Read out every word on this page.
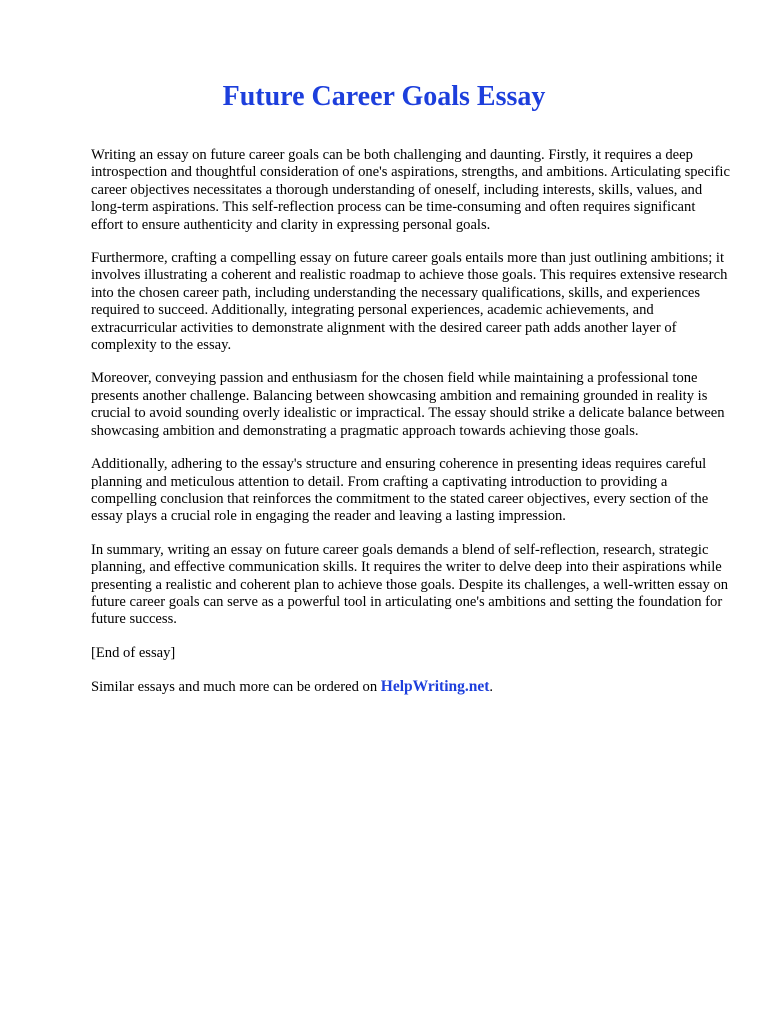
Future Career Goals Essay

Writing an essay on future career goals can be both challenging and daunting. Firstly, it requires a deep introspection and thoughtful consideration of one's aspirations, strengths, and ambitions. Articulating specific career objectives necessitates a thorough understanding of oneself, including interests, skills, values, and long-term aspirations. This self-reflection process can be time-consuming and often requires significant effort to ensure authenticity and clarity in expressing personal goals.

Furthermore, crafting a compelling essay on future career goals entails more than just outlining ambitions; it involves illustrating a coherent and realistic roadmap to achieve those goals. This requires extensive research into the chosen career path, including understanding the necessary qualifications, skills, and experiences required to succeed. Additionally, integrating personal experiences, academic achievements, and extracurricular activities to demonstrate alignment with the desired career path adds another layer of complexity to the essay.

Moreover, conveying passion and enthusiasm for the chosen field while maintaining a professional tone presents another challenge. Balancing between showcasing ambition and remaining grounded in reality is crucial to avoid sounding overly idealistic or impractical. The essay should strike a delicate balance between showcasing ambition and demonstrating a pragmatic approach towards achieving those goals.

Additionally, adhering to the essay's structure and ensuring coherence in presenting ideas requires careful planning and meticulous attention to detail. From crafting a captivating introduction to providing a compelling conclusion that reinforces the commitment to the stated career objectives, every section of the essay plays a crucial role in engaging the reader and leaving a lasting impression.

In summary, writing an essay on future career goals demands a blend of self-reflection, research, strategic planning, and effective communication skills. It requires the writer to delve deep into their aspirations while presenting a realistic and coherent plan to achieve those goals. Despite its challenges, a well-written essay on future career goals can serve as a powerful tool in articulating one's ambitions and setting the foundation for future success.

[End of essay]

Similar essays and much more can be ordered on HelpWriting.net.
